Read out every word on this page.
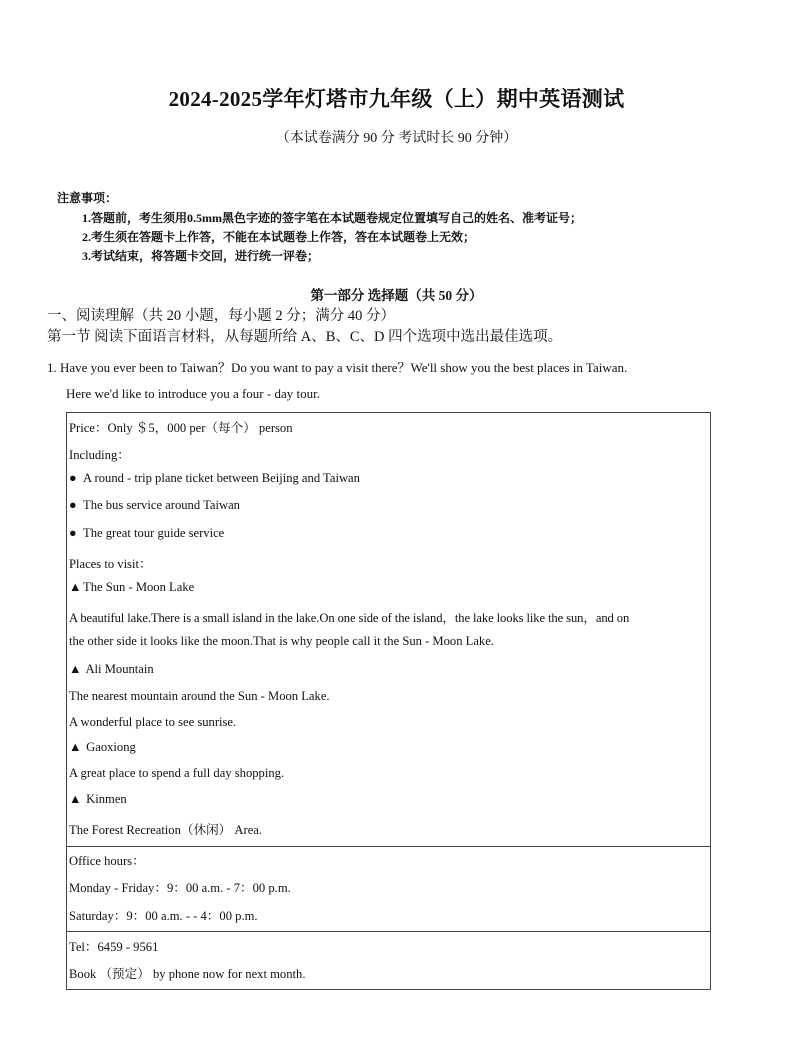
2024-2025学年灯塔市九年级（上）期中英语测试
（本试卷满分 90 分 考试时长 90 分钟）
注意事项：
1.答题前，考生须用0.5mm黑色字迹的签字笔在本试题卷规定位置填写自己的姓名、准考证号；
2.考生须在答题卡上作答，不能在本试题卷上作答，答在本试题卷上无效；
3.考试结束，将答题卡交回，进行统一评卷；
第一部分 选择题（共 50 分）
一、阅读理解（共 20 小题，每小题 2 分；满分 40 分）
第一节 阅读下面语言材料，从每题所给 A、B、C、D 四个选项中选出最佳选项。
1. Have you ever been to Taiwan？Do you want to pay a visit there？We'll show you the best places in Taiwan.
Here we'd like to introduce you a four - day tour.
Price：Only ＄5，000 per（每个） person
Including：
● A round - trip plane ticket between Beijing and Taiwan
● The bus service around Taiwan
● The great tour guide service
Places to visit：
▲ The Sun - Moon Lake
A beautiful lake.There is a small island in the lake.On one side of the island，the lake looks like the sun，and on
the other side it looks like the moon.That is why people call it the Sun - Moon Lake.
▲ Ali Mountain
The nearest mountain around the Sun - Moon Lake.
A wonderful place to see sunrise.
▲ Gaoxiong
A great place to spend a full day shopping.
▲ Kinmen
The Forest Recreation（休闲） Area.
Office hours：
Monday - Friday：9：00 a.m. - 7：00 p.m.
Saturday：9：00 a.m. - - 4：00 p.m.
Tel：6459 - 9561
Book （预定） by phone now for next month.
